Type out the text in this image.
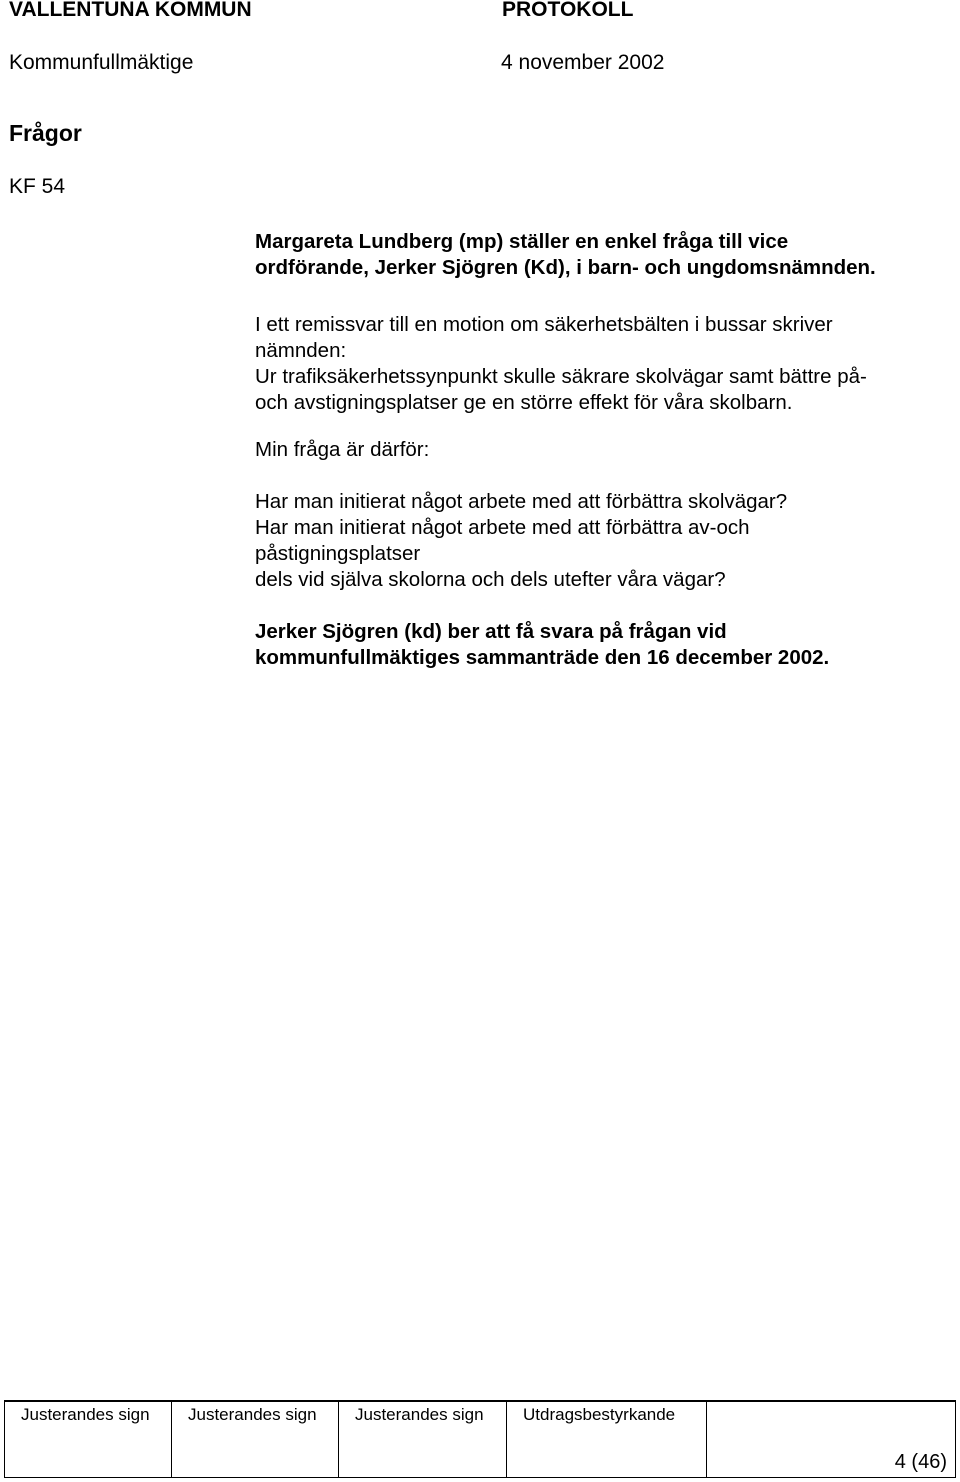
VALLENTUNA KOMMUN	PROTOKOLL
Kommunfullmäktige	4 november 2002
Frågor
KF 54
Margareta Lundberg (mp) ställer en enkel fråga till vice
ordförande, Jerker Sjögren (Kd), i barn- och ungdomsnämnden.
I ett remissvar till en motion om säkerhetsbälten i bussar skriver
nämnden:
Ur trafiksäkerhetssynpunkt skulle säkrare skolvägar samt bättre på-
och avstigningsplatser ge en större effekt för våra skolbarn.
Min fråga är därför:
Har man initierat något arbete med att förbättra skolvägar?
Har man initierat något arbete med att förbättra av-och
påstigningsplatser
dels vid själva skolorna och dels utefter våra vägar?
Jerker Sjögren (kd) ber att få svara på frågan vid
kommunfullmäktiges sammanträde den 16 december 2002.
Justerandes sign	Justerandes sign	Justerandes sign	Utdragsbestyrkande
4 (46)
